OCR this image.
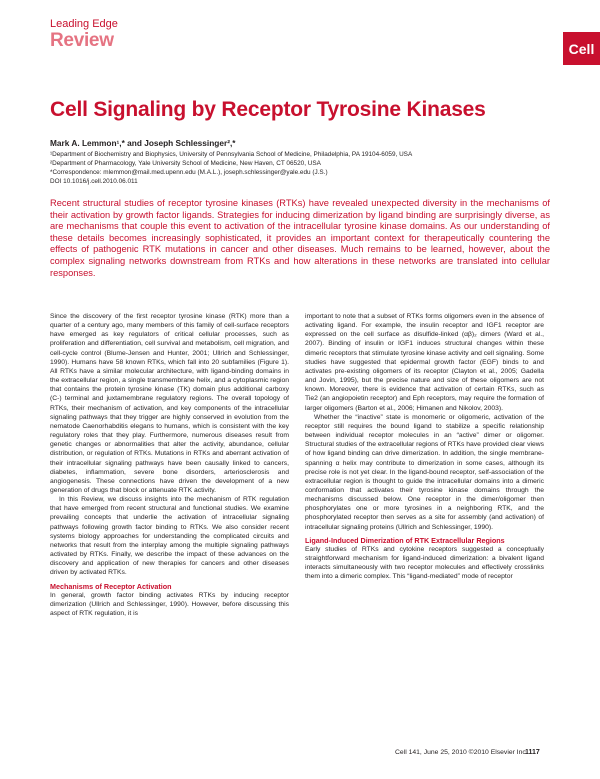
Leading Edge
Review	Cell
Cell Signaling by Receptor Tyrosine Kinases
Mark A. Lemmon¹,* and Joseph Schlessinger²,*
¹Department of Biochemistry and Biophysics, University of Pennsylvania School of Medicine, Philadelphia, PA 19104-6059, USA
²Department of Pharmacology, Yale University School of Medicine, New Haven, CT 06520, USA
*Correspondence: mlemmon@mail.med.upenn.edu (M.A.L.), joseph.schlessinger@yale.edu (J.S.)
DOI 10.1016/j.cell.2010.06.011
Recent structural studies of receptor tyrosine kinases (RTKs) have revealed unexpected diversity in the mechanisms of their activation by growth factor ligands. Strategies for inducing dimerization by ligand binding are surprisingly diverse, as are mechanisms that couple this event to activation of the intracellular tyrosine kinase domains. As our understanding of these details becomes increasingly sophisticated, it provides an important context for therapeutically countering the effects of pathogenic RTK mutations in cancer and other diseases. Much remains to be learned, however, about the complex signaling networks downstream from RTKs and how alterations in these networks are translated into cellular responses.

Since the discovery of the first receptor tyrosine kinase (RTK) more than a quarter of a century ago, many members of this family of cell-surface receptors have emerged as key regulators of critical cellular processes, such as proliferation and differentiation, cell survival and metabolism, cell migration, and cell-cycle control (Blume-Jensen and Hunter, 2001; Ullrich and Schlessinger, 1990). Humans have 58 known RTKs, which fall into 20 subfamilies (Figure 1). All RTKs have a similar molecular architecture, with ligand-binding domains in the extracellular region, a single transmembrane helix, and a cytoplasmic region that contains the protein tyrosine kinase (TK) domain plus additional carboxy (C-) terminal and juxtamembrane regulatory regions. The overall topology of RTKs, their mechanism of activation, and key components of the intracellular signaling pathways that they trigger are highly conserved in evolution from the nematode Caenorhabditis elegans to humans, which is consistent with the key regulatory roles that they play. Furthermore, numerous diseases result from genetic changes or abnormalities that alter the activity, abundance, cellular distribution, or regulation of RTKs. Mutations in RTKs and aberrant activation of their intracellular signaling pathways have been causally linked to cancers, diabetes, inflammation, severe bone disorders, arteriosclerosis and angiogenesis. These connections have driven the development of a new generation of drugs that block or attenuate RTK activity.

In this Review, we discuss insights into the mechanism of RTK regulation that have emerged from recent structural and functional studies. We examine prevailing concepts that underlie the activation of intracellular signaling pathways following growth factor binding to RTKs. We also consider recent systems biology approaches for understanding the complicated circuits and networks that result from the interplay among the multiple signaling pathways activated by RTKs. Finally, we describe the impact of these advances on the discovery and application of new therapies for cancers and other diseases driven by activated RTKs.

Mechanisms of Receptor Activation

In general, growth factor binding activates RTKs by inducing receptor dimerization (Ullrich and Schlessinger, 1990). However, before discussing this aspect of RTK regulation, it is

important to note that a subset of RTKs forms oligomers even in the absence of activating ligand. For example, the insulin receptor and IGF1 receptor are expressed on the cell surface as disulfide-linked (αβ)₂ dimers (Ward et al., 2007). Binding of insulin or IGF1 induces structural changes within these dimeric receptors that stimulate tyrosine kinase activity and cell signaling. Some studies have suggested that epidermal growth factor (EGF) binds to and activates pre-existing oligomers of its receptor (Clayton et al., 2005; Gadella and Jovin, 1995), but the precise nature and size of these oligomers are not known. Moreover, there is evidence that activation of certain RTKs, such as Tie2 (an angiopoietin receptor) and Eph receptors, may require the formation of larger oligomers (Barton et al., 2006; Himanen and Nikolov, 2003).

Whether the “inactive” state is monomeric or oligomeric, activation of the receptor still requires the bound ligand to stabilize a specific relationship between individual receptor molecules in an “active” dimer or oligomer. Structural studies of the extracellular regions of RTKs have provided clear views of how ligand binding can drive dimerization. In addition, the single membrane-spanning α helix may contribute to dimerization in some cases, although its precise role is not yet clear. In the ligand-bound receptor, self-association of the extracellular region is thought to guide the intracellular domains into a dimeric conformation that activates their tyrosine kinase domains through the mechanisms discussed below. One receptor in the dimer/oligomer then phosphorylates one or more tyrosines in a neighboring RTK, and the phosphorylated receptor then serves as a site for assembly (and activation) of intracellular signaling proteins (Ullrich and Schlessinger, 1990).

Ligand-Induced Dimerization of RTK Extracellular Regions

Early studies of RTKs and cytokine receptors suggested a conceptually straightforward mechanism for ligand-induced dimerization: a bivalent ligand interacts simultaneously with two receptor molecules and effectively crosslinks them into a dimeric complex. This “ligand-mediated” mode of receptor

Cell 141, June 25, 2010 ©2010 Elsevier Inc.
1117
